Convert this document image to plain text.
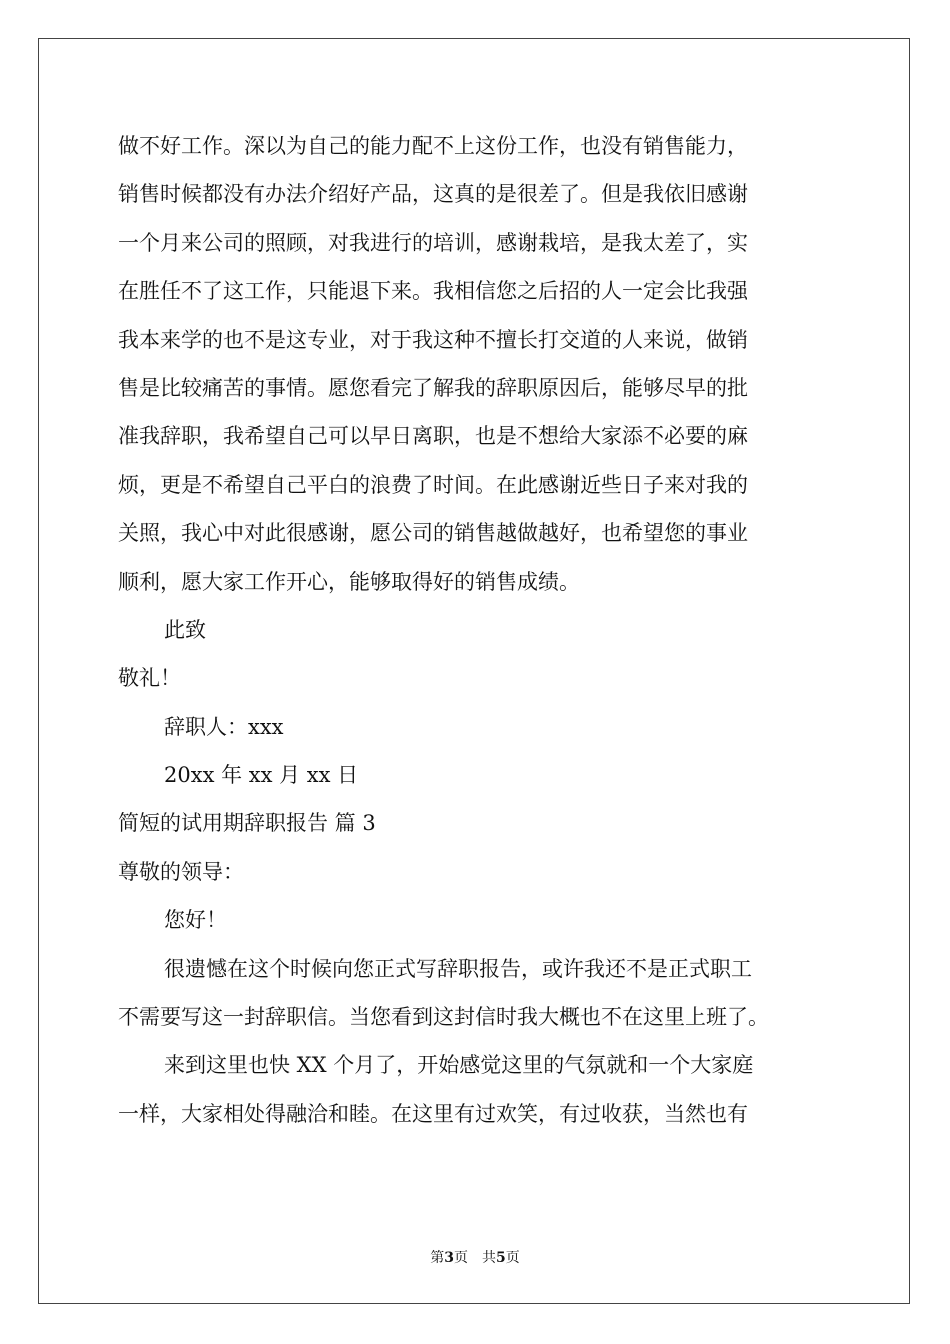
做不好工作。深以为自己的能力配不上这份工作，也没有销售能力，
销售时候都没有办法介绍好产品，这真的是很差了。但是我依旧感谢
一个月来公司的照顾，对我进行的培训，感谢栽培，是我太差了，实
在胜任不了这工作，只能退下来。我相信您之后招的人一定会比我强
我本来学的也不是这专业，对于我这种不擅长打交道的人来说，做销
售是比较痛苦的事情。愿您看完了解我的辞职原因后，能够尽早的批
准我辞职，我希望自己可以早日离职，也是不想给大家添不必要的麻
烦，更是不希望自己平白的浪费了时间。在此感谢近些日子来对我的
关照，我心中对此很感谢，愿公司的销售越做越好，也希望您的事业
顺利，愿大家工作开心，能够取得好的销售成绩。
此致
敬礼！
辞职人：xxx
20xx 年 xx 月 xx 日
简短的试用期辞职报告 篇 3
尊敬的领导：
您好！
很遗憾在这个时候向您正式写辞职报告，或许我还不是正式职工
不需要写这一封辞职信。当您看到这封信时我大概也不在这里上班了。
来到这里也快 XX 个月了，开始感觉这里的气氛就和一个大家庭
一样，大家相处得融洽和睦。在这里有过欢笑，有过收获，当然也有
第3页　共5页
